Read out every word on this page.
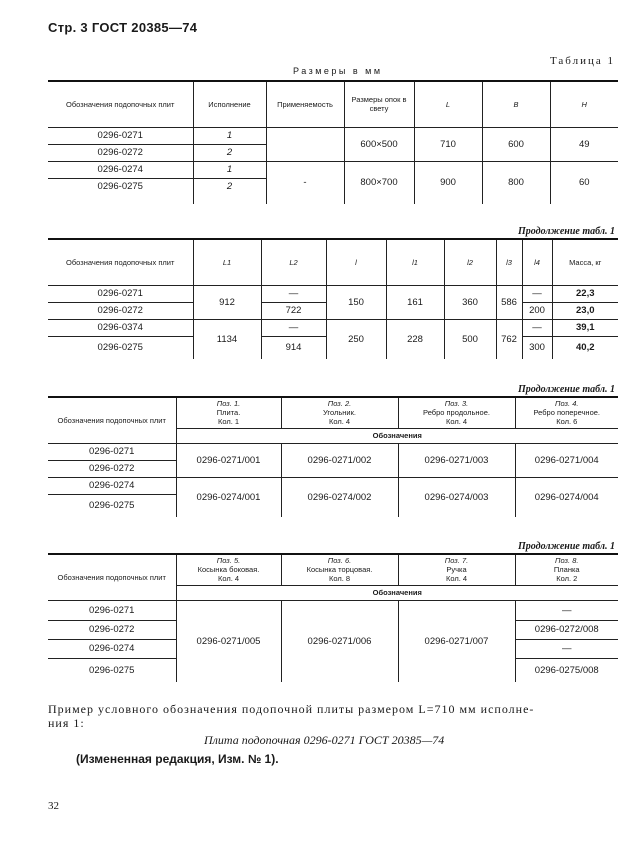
Стр. 3 ГОСТ 20385—74
Таблица 1
Размеры в мм
Обозначения подопочных плит	Исполнение	Применяемость	Размеры опок в свету	L	B	H
0296-0271	1		600×500	710	600	49
0296-0272	2					
0296-0274	1	-	800×700	900	800	60
0296-0275	2					
Продолжение табл. 1
Обозначения подопочных плит	L1	L2	l	l1	l2	l3	l4	Масса, кг
0296-0271	912	—	150	161	360	586	—	22,3
0296-0272		722					200	23,0
0296-0374	1134	—	250	228	500	762	—	39,1
0296-0275		914					300	40,2
Продолжение табл. 1
Обозначения подопочных плит	Поз. 1.
Плита.
Кол. 1	Поз. 2.
Угольник.
Кол. 4	Поз. 3.
Ребро продольное.
Кол. 4	Поз. 4.
Ребро поперечное.
Кол. 6
	Обозначения			
0296-0271	0296-0271/001	0296-0271/002	0296-0271/003	0296-0271/004
0296-0272				
0296-0274	0296-0274/001	0296-0274/002	0296-0274/003	0296-0274/004
0296-0275				
Продолжение табл. 1
Обозначения подопочных плит	Поз. 5.
Косынка боковая.
Кол. 4	Поз. 6.
Косынка торцовая.
Кол. 8	Поз. 7.
Ручка
Кол. 4	Поз. 8.
Планка
Кол. 2
	Обозначения			
0296-0271	0296-0271/005	0296-0271/006	0296-0271/007	—
0296-0272				0296-0272/008
0296-0274				—
0296-0275				0296-0275/008
Пример условного обозначения подопочной плиты размером L=710 мм исполне-
ния 1:
Плита подопочная 0296-0271 ГОСТ 20385—74
(Измененная редакция, Изм. № 1).
32
